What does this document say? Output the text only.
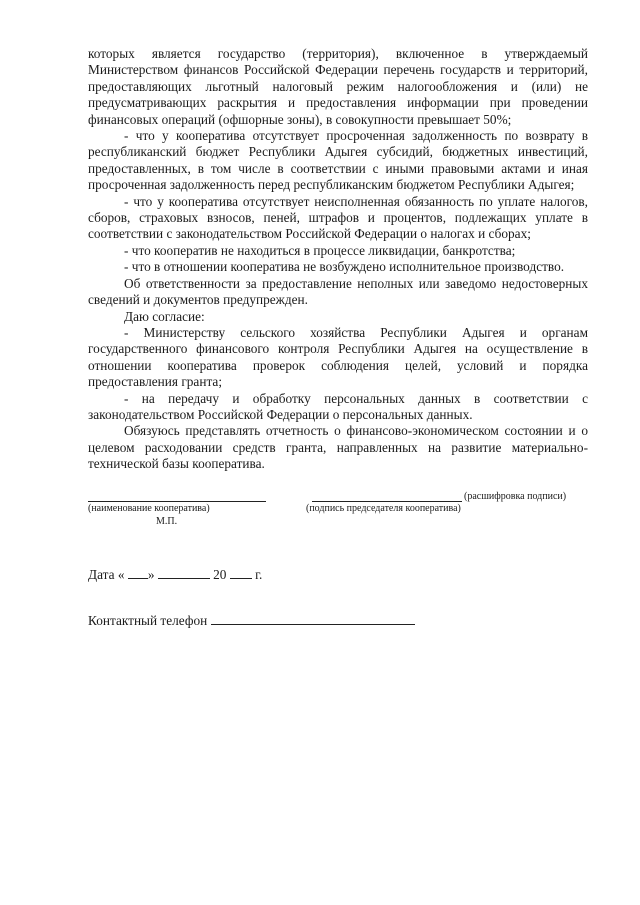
которых является государство (территория), включенное в утверждаемый Министерством финансов Российской Федерации перечень государств и территорий, предоставляющих льготный налоговый режим налогообложения и (или) не предусматривающих раскрытия и предоставления информации при проведении финансовых операций (офшорные зоны), в совокупности превышает 50%;

- что у кооператива отсутствует просроченная задолженность по возврату в республиканский бюджет Республики Адыгея субсидий, бюджетных инвестиций, предоставленных, в том числе в соответствии с иными правовыми актами и иная просроченная задолженность перед республиканским бюджетом Республики Адыгея;

- что у кооператива отсутствует неисполненная обязанность по уплате налогов, сборов, страховых взносов, пеней, штрафов и процентов, подлежащих уплате в соответствии с законодательством Российской Федерации о налогах и сборах;

- что кооператив не находиться в процессе ликвидации, банкротства;

- что в отношении кооператива не возбуждено исполнительное производство.

Об ответственности за предоставление неполных или заведомо недостоверных сведений и документов предупрежден.

Даю согласие:

- Министерству сельского хозяйства Республики Адыгея и органам государственного финансового контроля Республики Адыгея на осуществление в отношении кооператива проверок соблюдения целей, условий и порядка предоставления гранта;

- на передачу и обработку персональных данных в соответствии с законодательством Российской Федерации о персональных данных.

Обязуюсь представлять отчетность о финансово-экономическом состоянии и о целевом расходовании средств гранта, направленных на развитие материально-технической базы кооператива.

(наименование кооператива)
М.П.
(подпись председателя кооператива)
(расшифровка подписи)
Дата « »	20 г.
Контактный телефон
